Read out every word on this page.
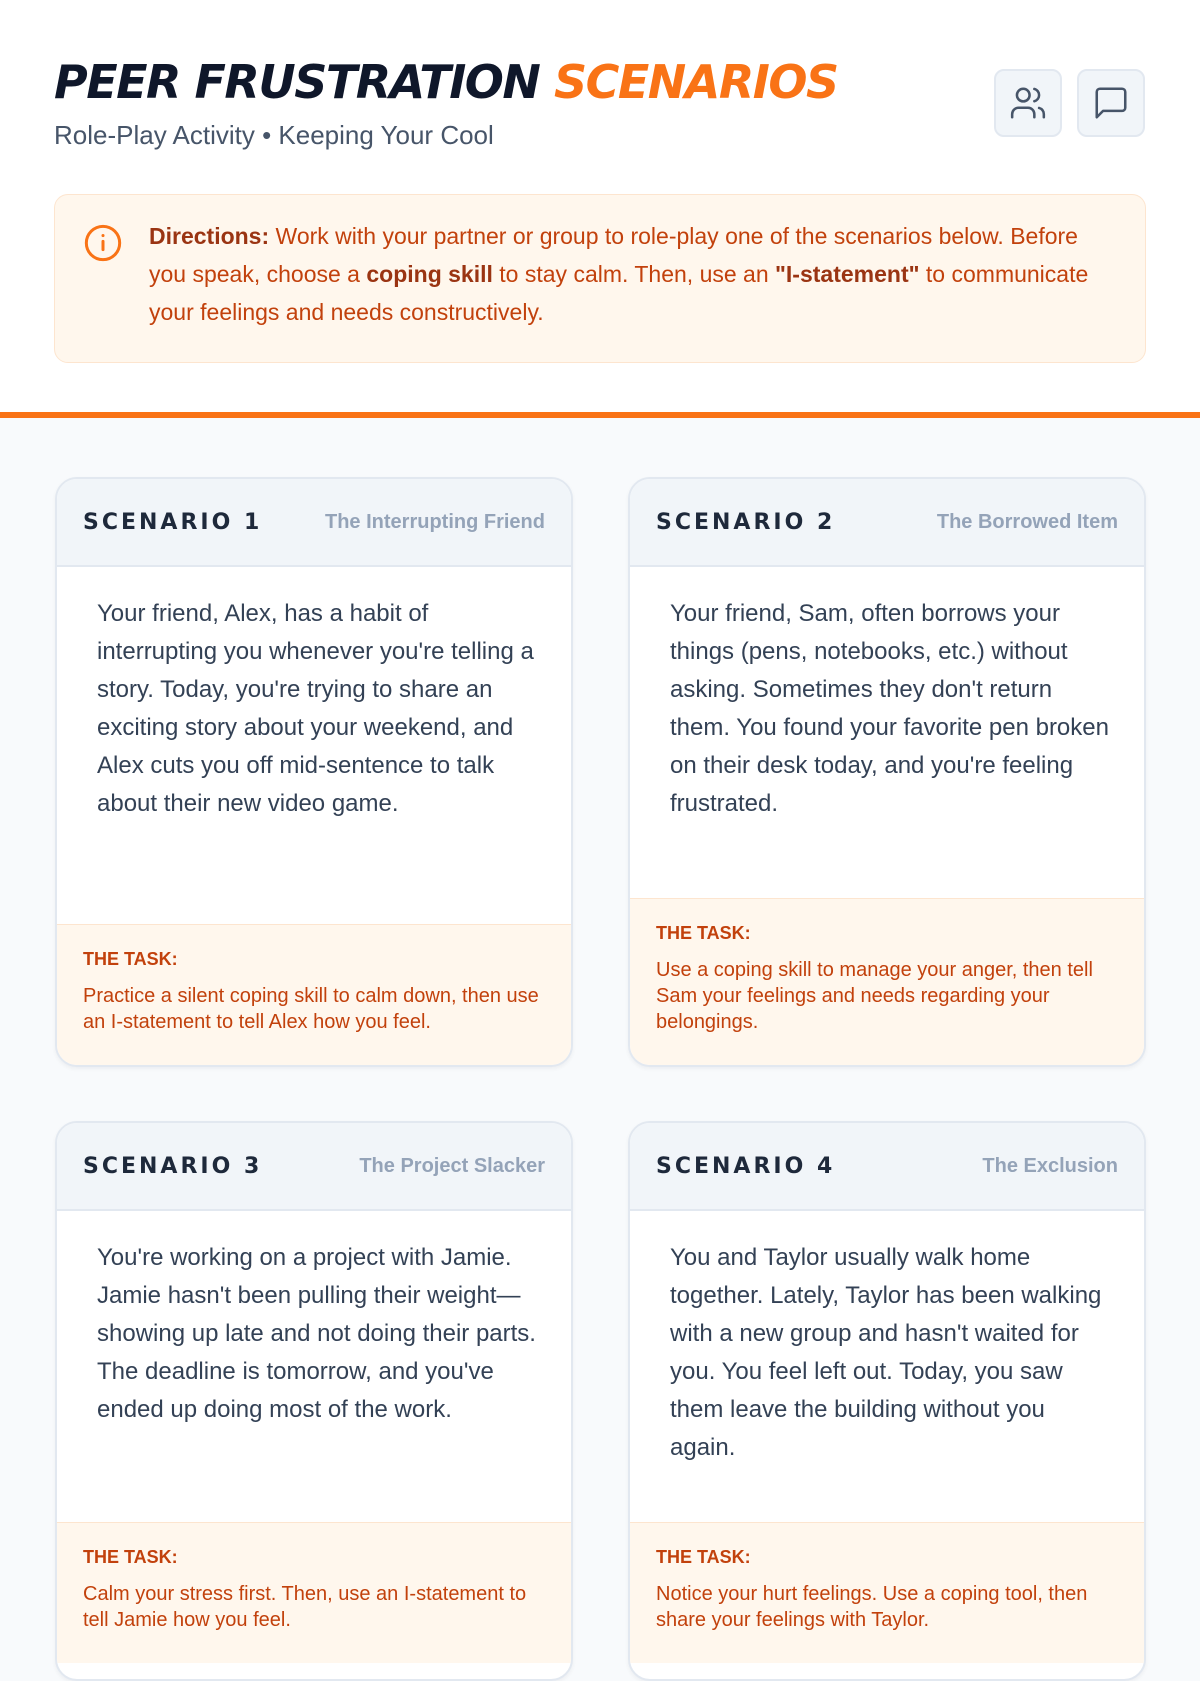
PEER FRUSTRATION SCENARIOS
Role-Play Activity • Keeping Your Cool
Directions: Work with your partner or group to role-play one of the scenarios below. Before you speak, choose a coping skill to stay calm. Then, use an "I-statement" to communicate your feelings and needs constructively.
SCENARIO 1	The Interrupting Friend
Your friend, Alex, has a habit of interrupting you whenever you're telling a story. Today, you're trying to share an exciting story about your weekend, and Alex cuts you off mid-sentence to talk about their new video game.
THE TASK:
Practice a silent coping skill to calm down, then use an I-statement to tell Alex how you feel.
SCENARIO 2	The Borrowed Item
Your friend, Sam, often borrows your things (pens, notebooks, etc.) without asking. Sometimes they don't return them. You found your favorite pen broken on their desk today, and you're feeling frustrated.
THE TASK:
Use a coping skill to manage your anger, then tell Sam your feelings and needs regarding your belongings.
SCENARIO 3	The Project Slacker
You're working on a project with Jamie. Jamie hasn't been pulling their weight—showing up late and not doing their parts. The deadline is tomorrow, and you've ended up doing most of the work.
THE TASK:
Calm your stress first. Then, use an I-statement to tell Jamie how you feel.
SCENARIO 4	The Exclusion
You and Taylor usually walk home together. Lately, Taylor has been walking with a new group and hasn't waited for you. You feel left out. Today, you saw them leave the building without you again.
THE TASK:
Notice your hurt feelings. Use a coping tool, then share your feelings with Taylor.
